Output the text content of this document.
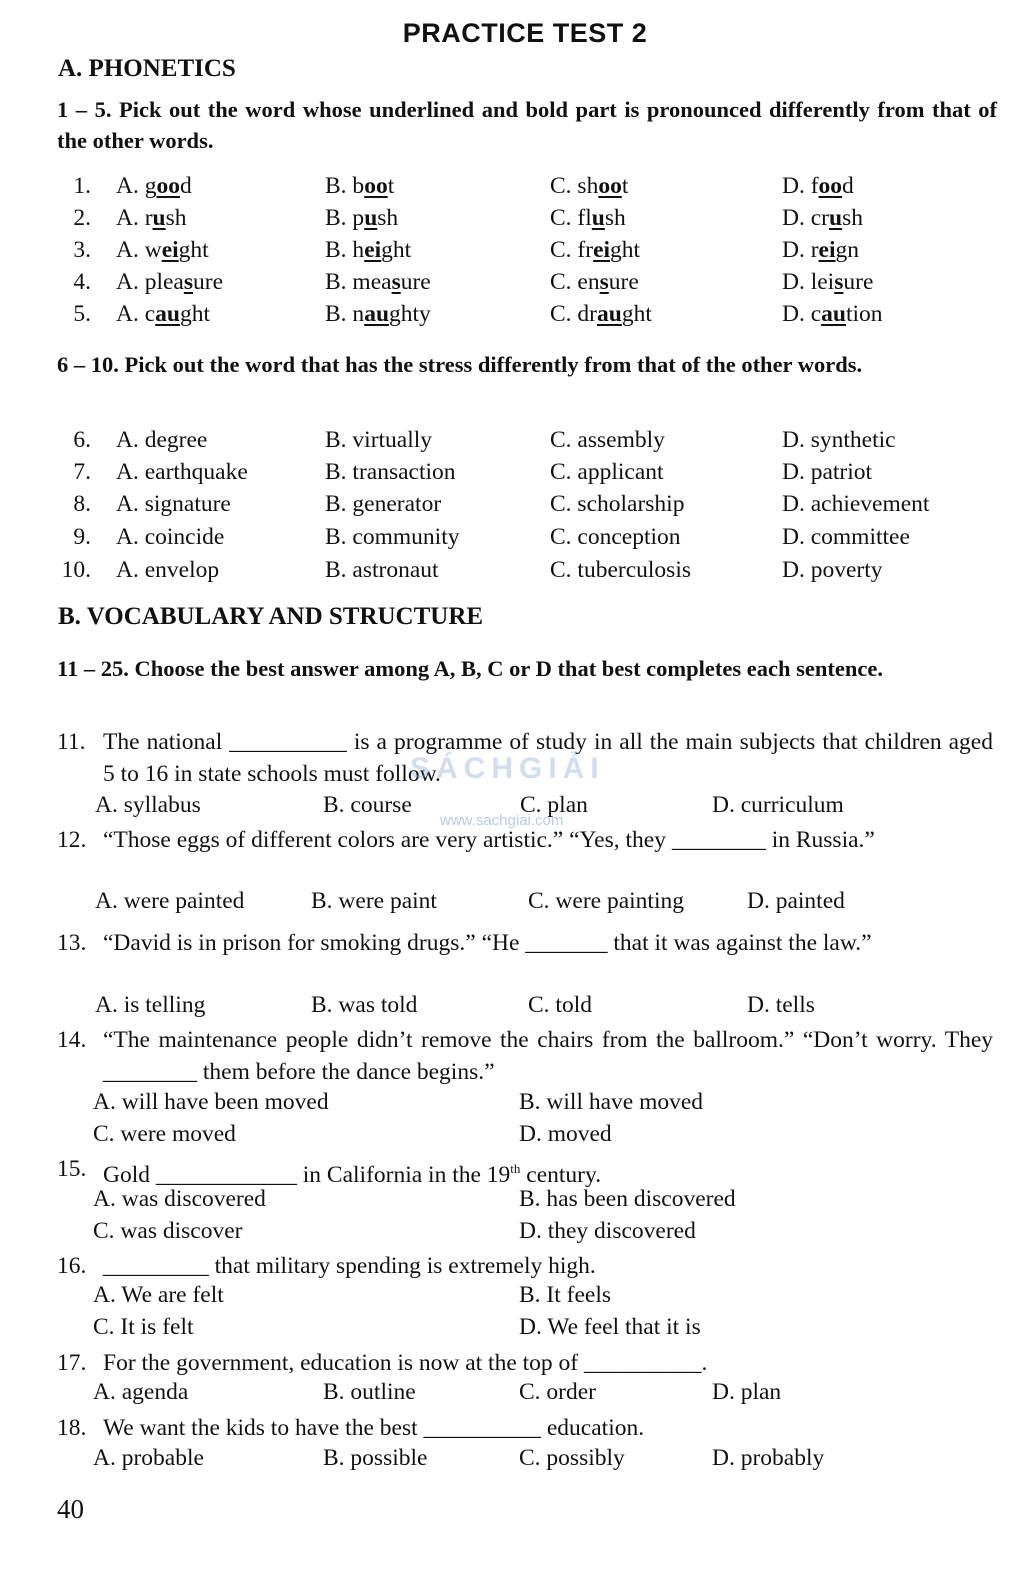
PRACTICE TEST 2
A. PHONETICS
1 – 5. Pick out the word whose underlined and bold part is pronounced differently from that of the other words.
1. A. good	B. boot	C. shoot	D. food
2. A. rush	B. push	C. flush	D. crush
3. A. weight	B. height	C. freight	D. reign
4. A. pleasure	B. measure	C. ensure	D. leisure
5. A. caught	B. naughty	C. draught	D. caution
6 – 10. Pick out the word that has the stress differently from that of the other words.
6. A. degree	B. virtually	C. assembly	D. synthetic
7. A. earthquake	B. transaction	C. applicant	D. patriot
8. A. signature	B. generator	C. scholarship	D. achievement
9. A. coincide	B. community	C. conception	D. committee
10. A. envelop	B. astronaut	C. tuberculosis	D. poverty
B. VOCABULARY AND STRUCTURE
11 – 25. Choose the best answer among A, B, C or D that best completes each sentence.
11. The national __________ is a programme of study in all the main subjects that children aged 5 to 16 in state schools must follow.
A. syllabus	B. course	C. plan	D. curriculum
12. “Those eggs of different colors are very artistic.” “Yes, they ________ in Russia.”
A. were painted	B. were paint	C. were painting	D. painted
13. “David is in prison for smoking drugs.” “He _______ that it was against the law.”
A. is telling	B. was told	C. told	D. tells
14. “The maintenance people didn’t remove the chairs from the ballroom.” “Don’t worry. They ________ them before the dance begins.”
A. will have been moved	B. will have moved
C. were moved	D. moved
15. Gold ____________ in California in the 19th century.
A. was discovered	B. has been discovered
C. was discover	D. they discovered
16. _________ that military spending is extremely high.
A. We are felt	B. It feels
C. It is felt	D. We feel that it is
17. For the government, education is now at the top of __________.
A. agenda	B. outline	C. order	D. plan
18. We want the kids to have the best __________ education.
A. probable	B. possible	C. possibly	D. probably
SÁCHGIẢI
www.sachgiai.com
40
